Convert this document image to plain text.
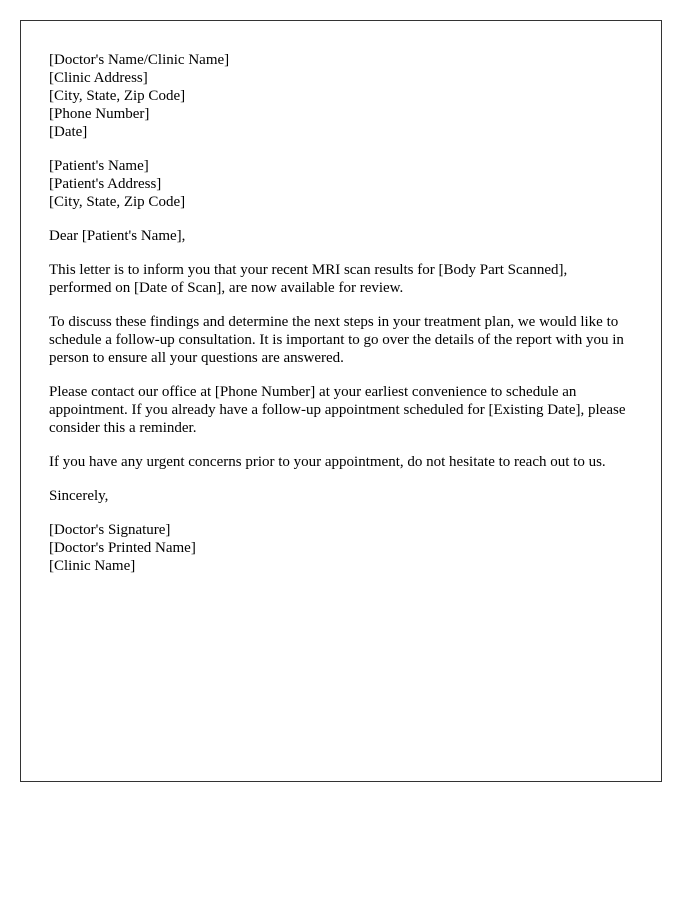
[Doctor's Name/Clinic Name]
[Clinic Address]
[City, State, Zip Code]
[Phone Number]
[Date]
[Patient's Name]
[Patient's Address]
[City, State, Zip Code]

Dear [Patient's Name],

This letter is to inform you that your recent MRI scan results for [Body Part Scanned], performed on [Date of Scan], are now available for review.

To discuss these findings and determine the next steps in your treatment plan, we would like to schedule a follow-up consultation. It is important to go over the details of the report with you in person to ensure all your questions are answered.

Please contact our office at [Phone Number] at your earliest convenience to schedule an appointment. If you already have a follow-up appointment scheduled for [Existing Date], please consider this a reminder.

If you have any urgent concerns prior to your appointment, do not hesitate to reach out to us.

Sincerely,

[Doctor's Signature]
[Doctor's Printed Name]
[Clinic Name]
